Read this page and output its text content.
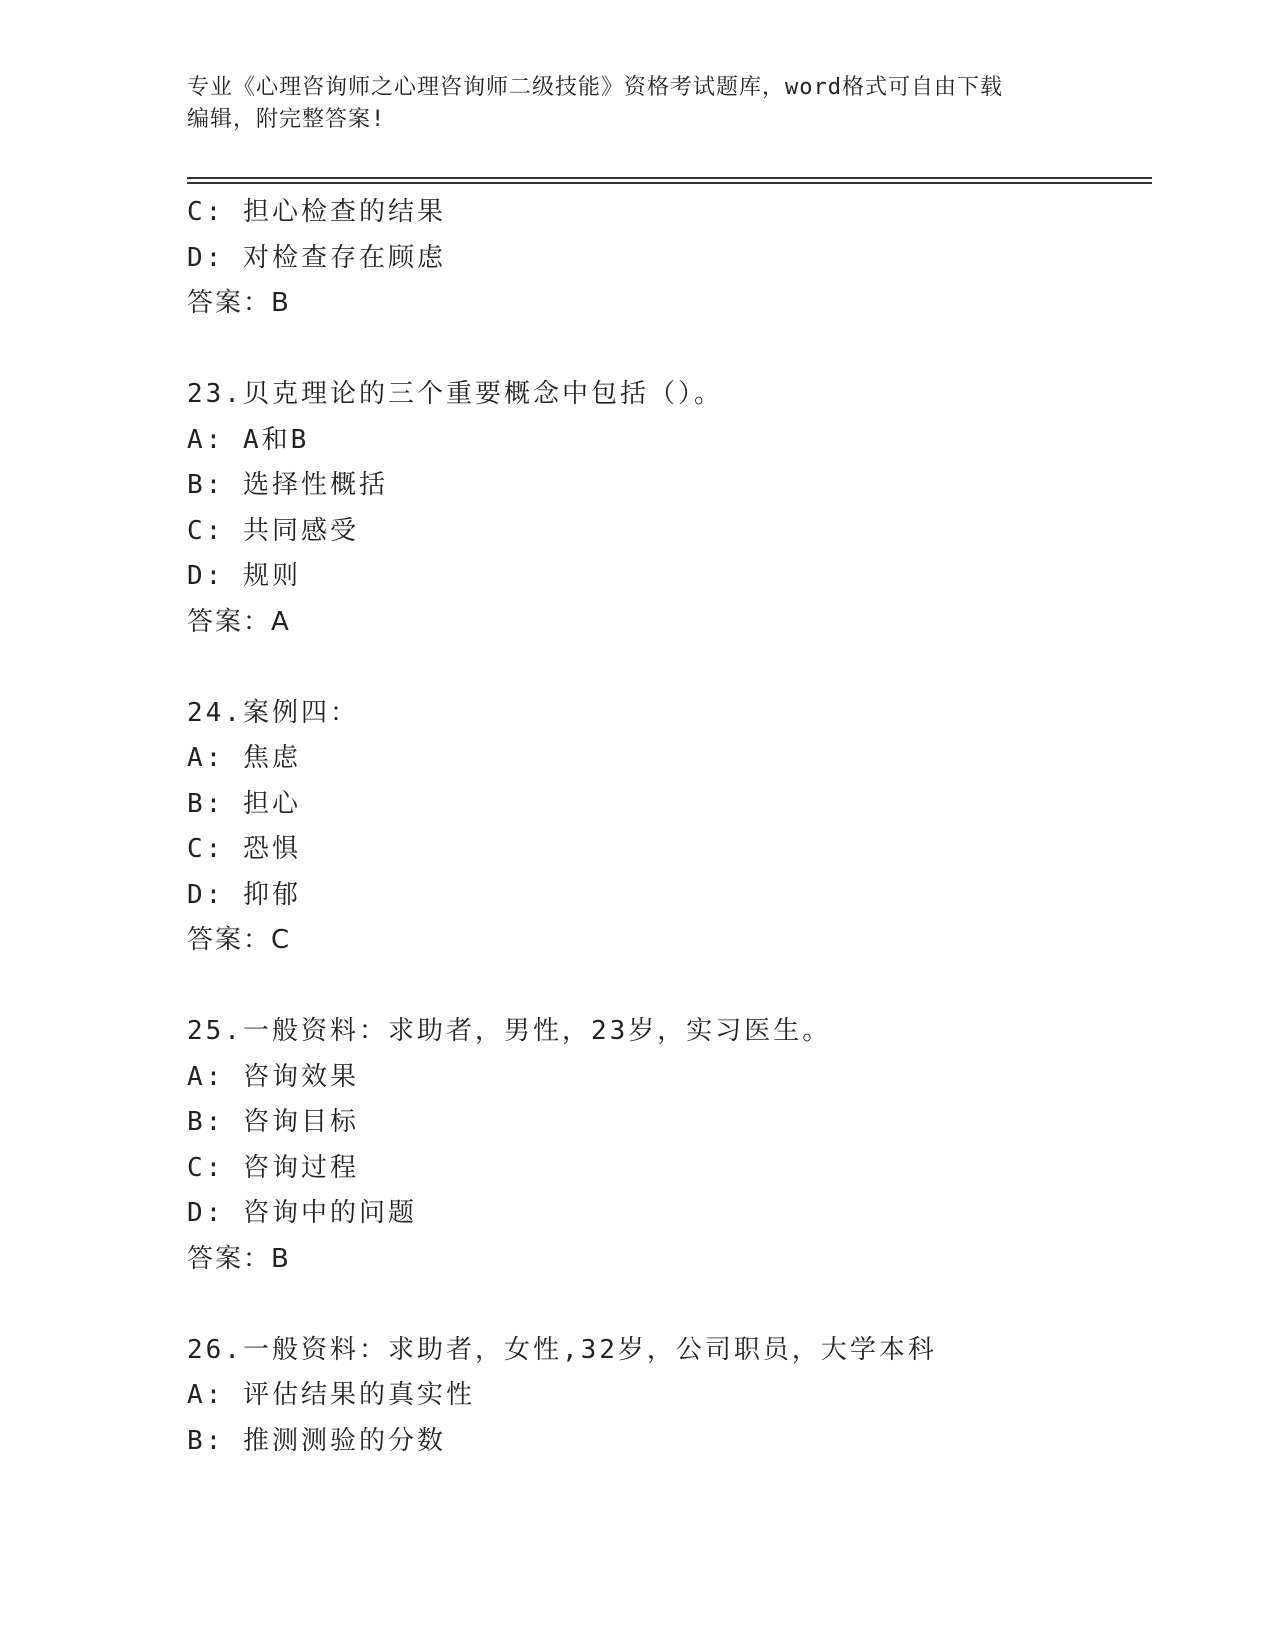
专业《心理咨询师之心理咨询师二级技能》资格考试题库，word格式可自由下载
编辑，附完整答案!
C: 担心检查的结果
D: 对检查存在顾虑
答案：B
23.贝克理论的三个重要概念中包括（）。
A: A和B
B: 选择性概括
C: 共同感受
D: 规则
答案：A
24.案例四：
A: 焦虑
B: 担心
C: 恐惧
D: 抑郁
答案：C
25.一般资料：求助者，男性，23岁，实习医生。
A: 咨询效果
B: 咨询目标
C: 咨询过程
D: 咨询中的问题
答案：B
26.一般资料：求助者，女性,32岁，公司职员，大学本科
A: 评估结果的真实性
B: 推测测验的分数
